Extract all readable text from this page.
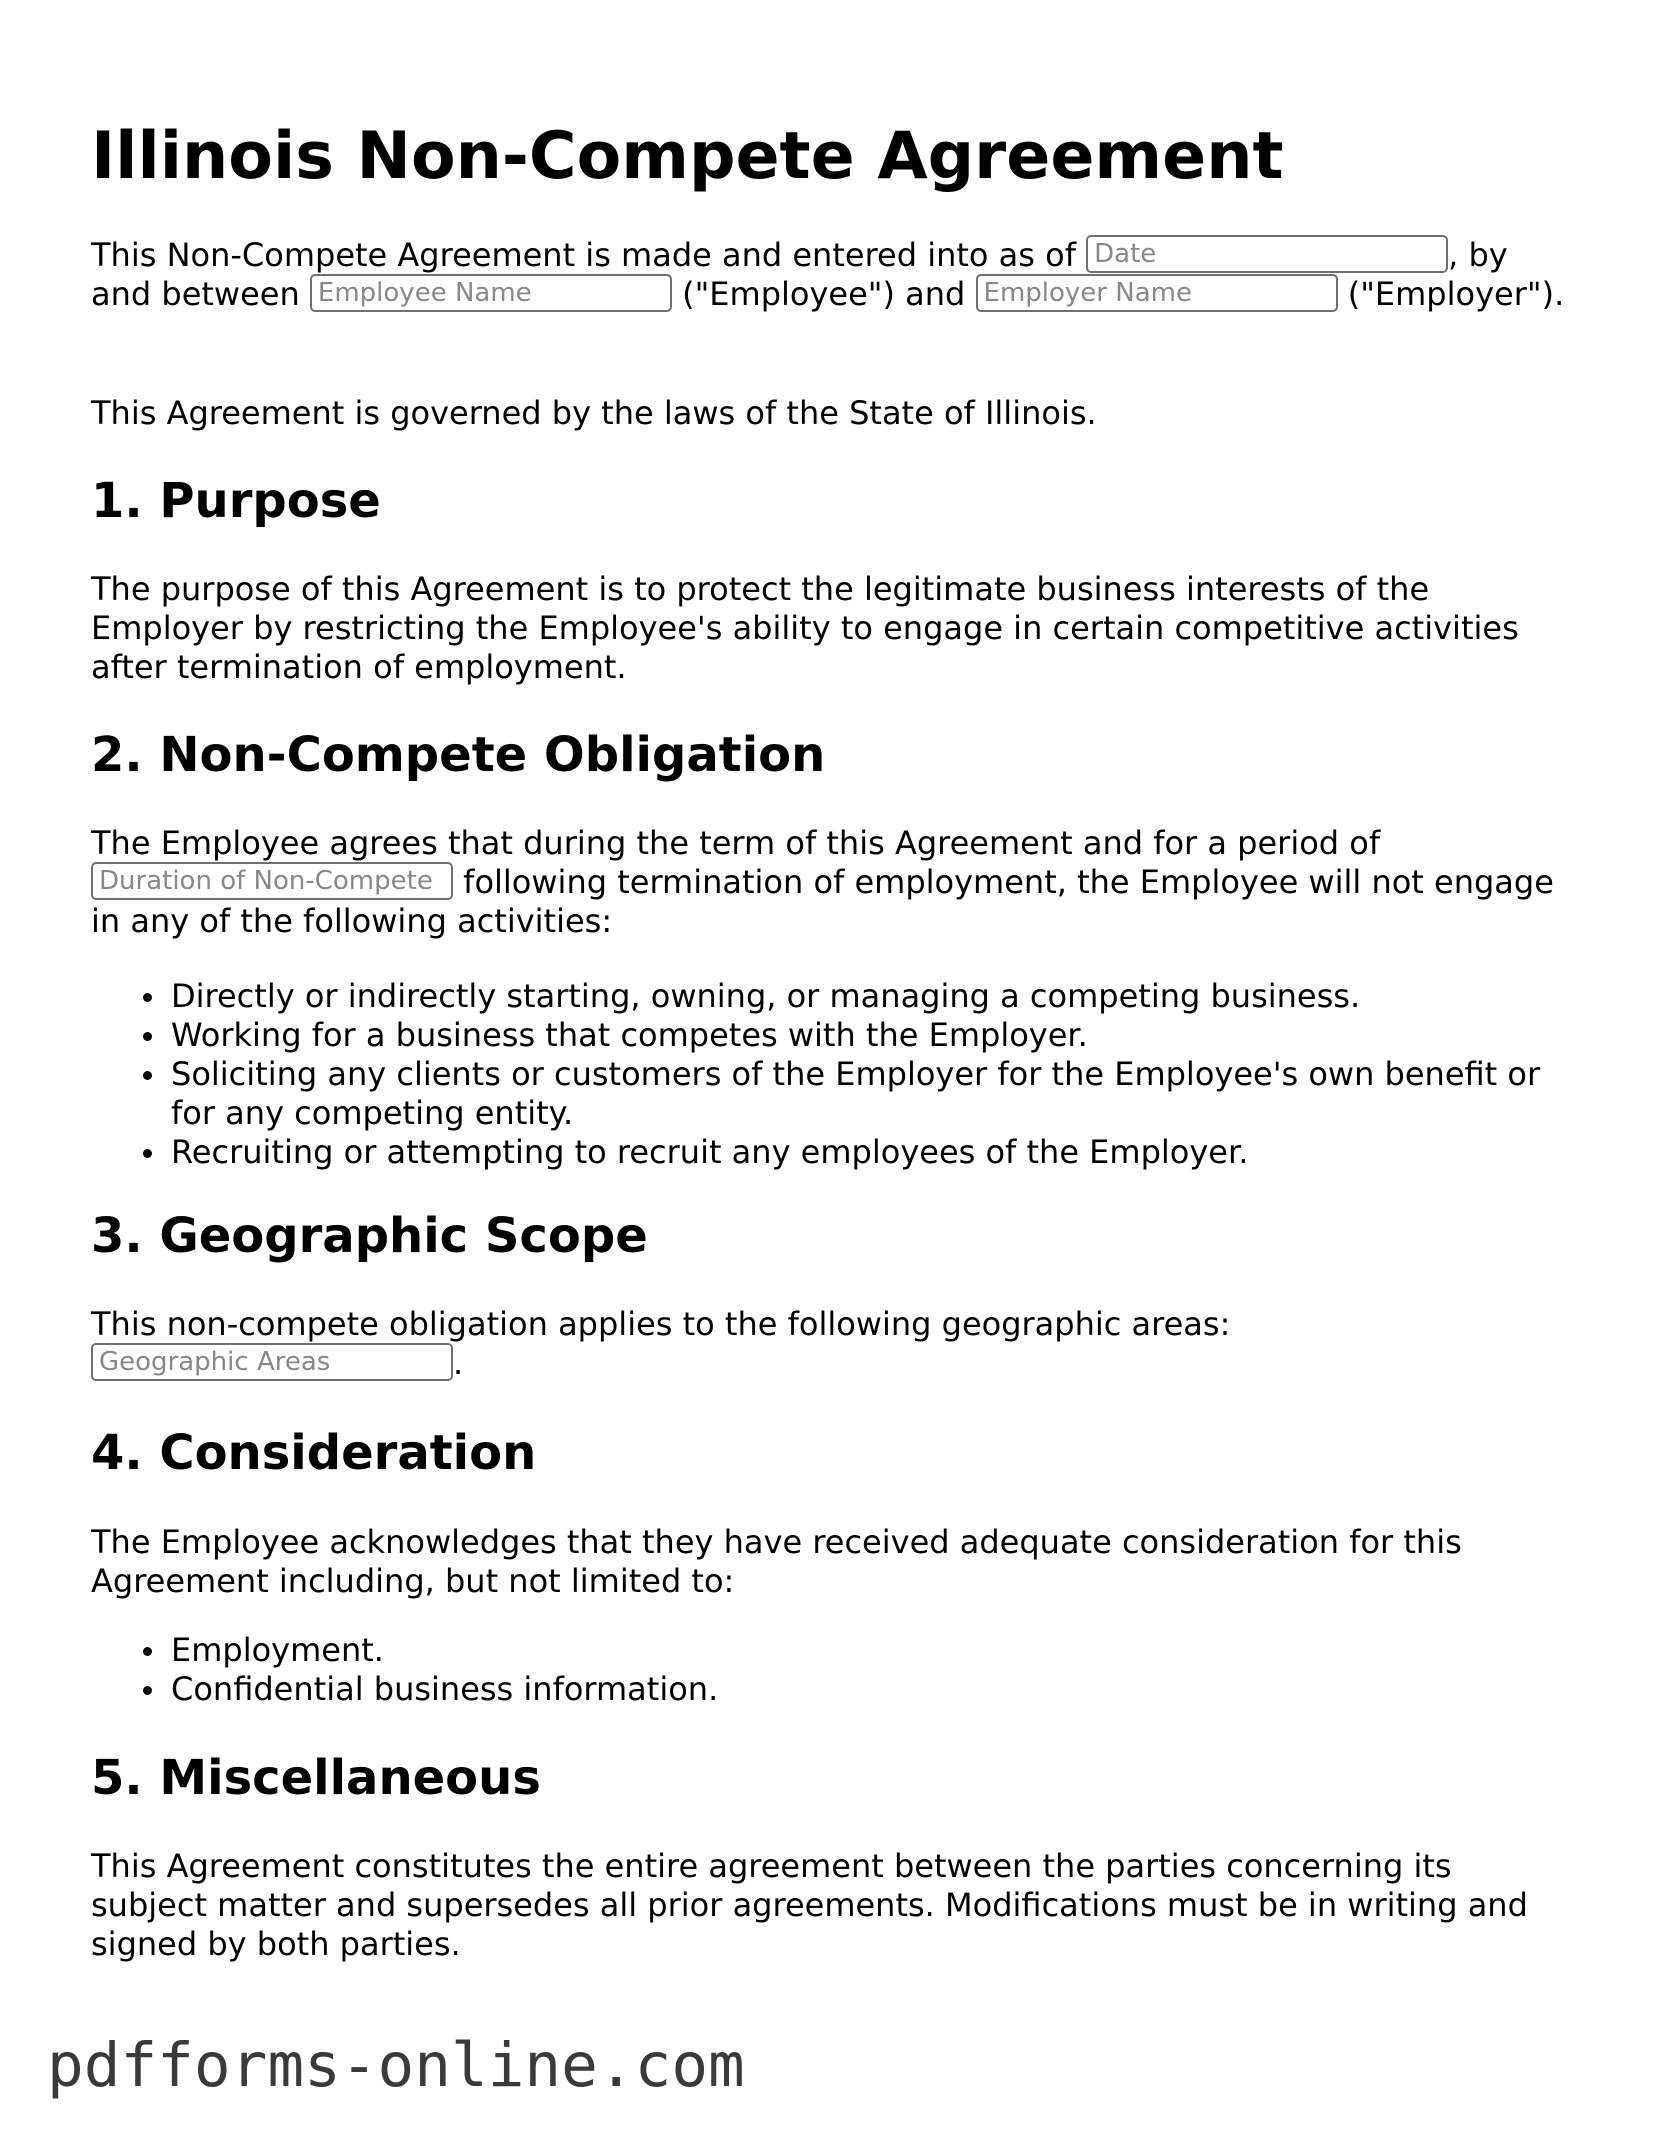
Illinois Non-Compete Agreement

This Non-Compete Agreement is made and entered into as of Date	, by and between Employee Name	("Employee") and Employer Name	("Employer").

This Agreement is governed by the laws of the State of Illinois.

1. Purpose

The purpose of this Agreement is to protect the legitimate business interests of the Employer by restricting the Employee's ability to engage in certain competitive activities after termination of employment.

2. Non-Compete Obligation

The Employee agrees that during the term of this Agreement and for a period of Duration of Non-Compete following termination of employment, the Employee will not engage in any of the following activities:

Directly or indirectly starting, owning, or managing a competing business.
Working for a business that competes with the Employer.
Soliciting any clients or customers of the Employer for the Employee's own benefit or for any competing entity.
Recruiting or attempting to recruit any employees of the Employer.
3. Geographic Scope

This non-compete obligation applies to the following geographic areas: Geographic Areas	.

4. Consideration

The Employee acknowledges that they have received adequate consideration for this Agreement including, but not limited to:

Employment.
Confidential business information.
5. Miscellaneous

This Agreement constitutes the entire agreement between the parties concerning its subject matter and supersedes all prior agreements. Modifications must be in writing and signed by both parties.

pdfforms-online.com
